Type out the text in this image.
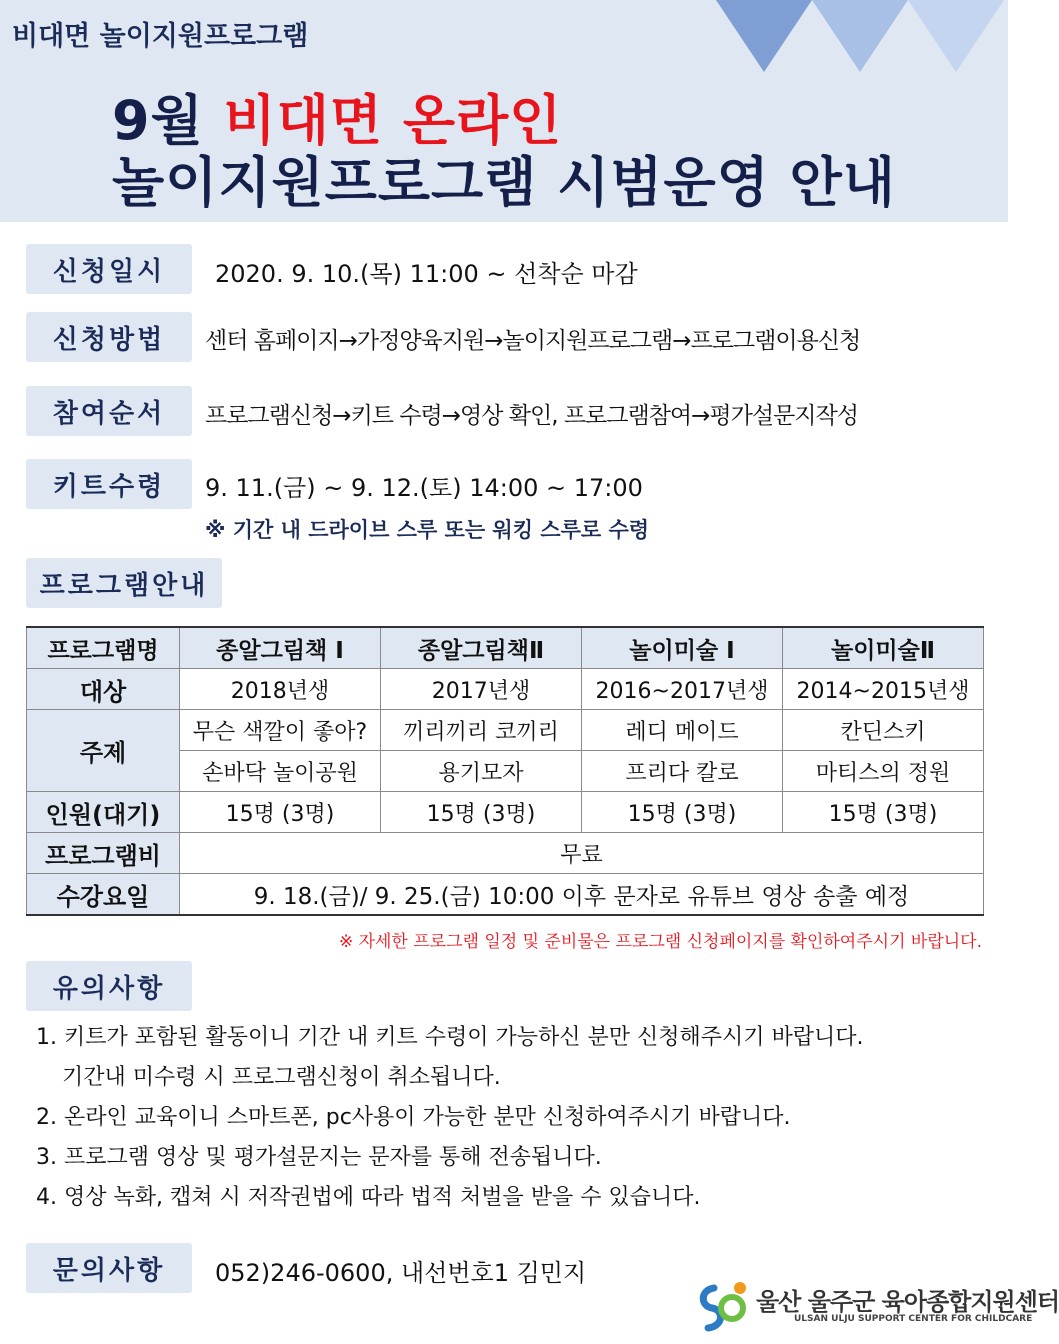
비대면 놀이지원프로그램
9월 비대면 온라인
놀이지원프로그램 시범운영 안내
신청일시	2020. 9. 10.(목) 11:00 ~ 선착순 마감
신청방법	센터 홈페이지→가정양육지원→놀이지원프로그램→프로그램이용신청
참여순서	프로그램신청→키트 수령→영상 확인, 프로그램참여→평가설문지작성
키트수령	9. 11.(금) ~ 9. 12.(토) 14:00 ~ 17:00
※ 기간 내 드라이브 스루 또는 워킹 스루로 수령
프로그램안내
프로그램명	종알그림책 I	종알그림책Ⅱ	놀이미술 I	놀이미술Ⅱ
대상	2018년생	2017년생	2016~2017년생	2014~2015년생
주제	무슨 색깔이 좋아?	끼리끼리 코끼리	레디 메이드	칸딘스키
	손바닥 놀이공원	용기모자	프리다 칼로	마티스의 정원
인원(대기)	15명 (3명)	15명 (3명)	15명 (3명)	15명 (3명)
프로그램비	무료			
수강요일	9. 18.(금)/ 9. 25.(금) 10:00 이후 문자로 유튜브 영상 송출 예정			
※ 자세한 프로그램 일정 및 준비물은 프로그램 신청페이지를 확인하여주시기 바랍니다.
유의사항
1. 키트가 포함된 활동이니 기간 내 키트 수령이 가능하신 분만 신청해주시기 바랍니다.
기간내 미수령 시 프로그램신청이 취소됩니다.
2. 온라인 교육이니 스마트폰, pc사용이 가능한 분만 신청하여주시기 바랍니다.
3. 프로그램 영상 및 평가설문지는 문자를 통해 전송됩니다.
4. 영상 녹화, 캡쳐 시 저작권법에 따라 법적 처벌을 받을 수 있습니다.
문의사항	052)246-0600, 내선번호1 김민지
울산 울주군 육아종합지원센터
ULSAN ULJU SUPPORT CENTER FOR CHILDCARE
